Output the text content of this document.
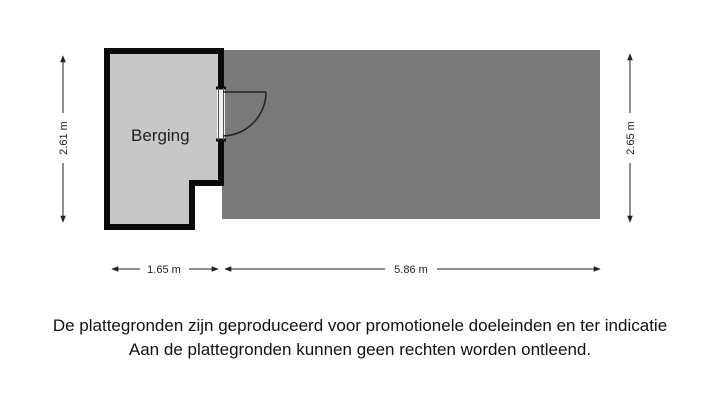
Berging
2.61 m	2.65 m
1.65 m	5.86 m
De plattegronden zijn geproduceerd voor promotionele doeleinden en ter indicatie
Aan de plattegronden kunnen geen rechten worden ontleend.
